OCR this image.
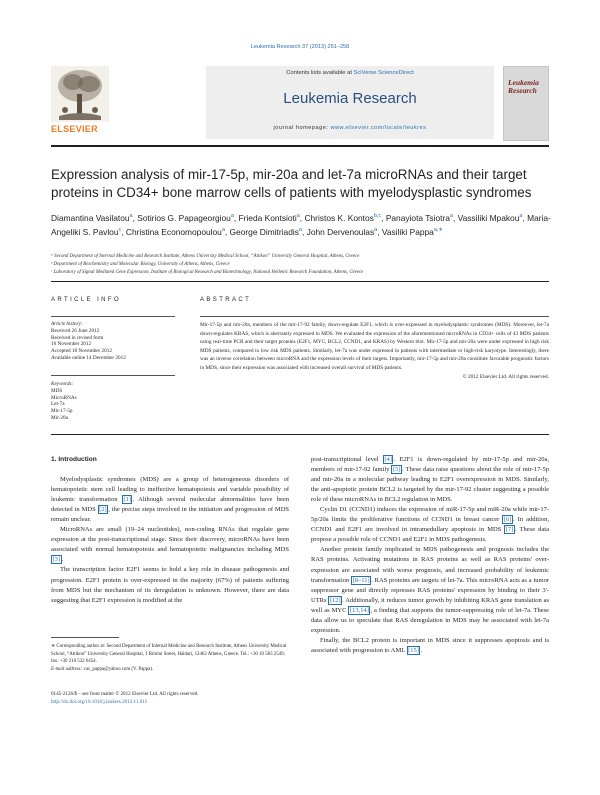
Leukemia Research 37 (2013) 251–258
ELSEVIER
Contents lists available at SciVerse ScienceDirect
Leukemia Research
journal homepage: www.elsevier.com/locate/leukres
Leukemia Research
Expression analysis of mir-17-5p, mir-20a and let-7a microRNAs and their target proteins in CD34+ bone marrow cells of patients with myelodysplastic syndromes
Diamantina Vasilatou$^a$, Sotirios G. Papageorgiou$^a$, Frieda Kontsioti$^a$, Christos K. Kontos$^{b,c}$, Panayiota Tsiotra$^a$, Vassiliki Mpakou$^a$, Maria-Angeliki S. Pavlou$^c$, Christina Economopoulou$^a$, George Dimitriadis$^a$, John Dervenoulas$^a$, Vasiliki Pappa$^{a,∗}$
ᵃ Second Department of Internal Medicine and Research Institute, Athens University Medical School, “Attikon” University General Hospital, Athens, Greece
ᵇ Department of Biochemistry and Molecular Biology, University of Athens, Athens, Greece
ᶜ Laboratory of Signal Mediated Gene Expression, Institute of Biological Research and Biotechnology, National Hellenic Research Foundation, Athens, Greece
ARTICLE INFO
Article history:
Received 26 June 2012
Received in revised form
16 November 2012
Accepted 18 November 2012
Available online 14 December 2012
Keywords:
MDS
MicroRNAs
Let-7a
Mir-17-5p
Mir-20a
ABSTRACT
Mir-17-5p and mir-20a, members of the mir-17-92 family, down-regulate E2F1, which is over-expressed in myelodysplastic syndromes (MDS). Moreover, let-7a down-regulates KRAS, which is aberrantly expressed in MDS. We evaluated the expression of the aforementioned microRNAs in CD34+ cells of 43 MDS patients using real-time PCR and their target proteins (E2F1, MYC, BCL2, CCND1, and KRAS) by Western blot. Mir-17-5p and mir-20a were under expressed in high risk MDS patients, compared to low risk MDS patients. Similarly, let-7a was under expressed in patients with intermediate or high-risk karyotype. Interestingly, there was an inverse correlation between microRNA and the expression levels of their targets. Importantly, mir-17-5p and mir-20a constitute favorable prognostic factors in MDS, since their expression was associated with increased overall survival of MDS patients.
© 2012 Elsevier Ltd. All rights reserved.
1. Introduction

Myelodysplastic syndromes (MDS) are a group of heterogeneous disorders of hematopoietic stem cell leading to ineffective hematopoiesis and variable possibility of leukemic transformation [1] . Although several molecular abnormalities have been detected in MDS [2] , the precise steps involved in the initiation and progression of MDS remain unclear.

MicroRNAs are small (19–24 nucleotides), non-coding RNAs that regulate gene expression at the post-transcriptional stage. Since their discovery, microRNAs have been associated with normal hematopoiesis and hematopoietic malignancies including MDS [3] .

The transcription factor E2F1 seems to hold a key role in disease pathogenesis and progression. E2F1 protein is over-expressed in the majority (67%) of patients suffering from MDS but the mechanism of its deregulation is unknown. However, there are data suggesting that E2F1 expression is modified at the

post-transcriptional level [4] . E2F1 is down-regulated by mir-17-5p and mir-20a, members of mir-17-92 family [5] . These data raise questions about the role of mir-17-5p and mir-20a in a molecular pathway leading to E2F1 overexpression in MDS. Similarly, the anti-apoptotic protein BCL2 is targeted by the mir-17-92 cluster suggesting a possible role of these microRNAs in BCL2 regulation in MDS.

Cyclin D1 (CCND1) induces the expression of miR-17-5p and miR-20a while mir-17-5p/20a limits the proliferative functions of CCND1 in breast cancer [6] . In addition, CCND1 and E2F1 are involved in intramedullary apoptosis in MDS [7] . These data propose a possible role of CCND1 and E2F1 in MDS pathogenesis.

Another protein family implicated in MDS pathogenesis and prognosis includes the RAS proteins. Activating mutations in RAS proteins as well as RAS proteins' over-expression are associated with worse prognosis, and increased probability of leukemic transformation [8–11] . RAS proteins are targets of let-7a. This microRNA acts as a tumor suppressor gene and directly represses RAS proteins' expression by binding to their 3'-UTRs [12] . Additionally, it reduces tumor growth by inhibiting KRAS gene translation as well as MYC [13,14] , a finding that supports the tumor-suppressing role of let-7a. These data allow us to speculate that RAS deregulation in MDS may be associated with let-7a expression.

Finally, the BCL2 protein is important in MDS since it suppresses apoptosis and is associated with progression to AML [15] .

∗ Corresponding author at: Second Department of Internal Medicine and Research Institute, Athens University Medical School, “Attikon” University General Hospital, 1 Rimini Street, Haidari, 12462 Athens, Greece. Tel.: +30 10 583 2549; fax: +30 210 532 6454.
E-mail address: vas_pappa@yahoo.com (V. Pappa).
0145-2126/$ – see front matter © 2012 Elsevier Ltd. All rights reserved.
http://dx.doi.org/10.1016/j.leukres.2012.11.011
